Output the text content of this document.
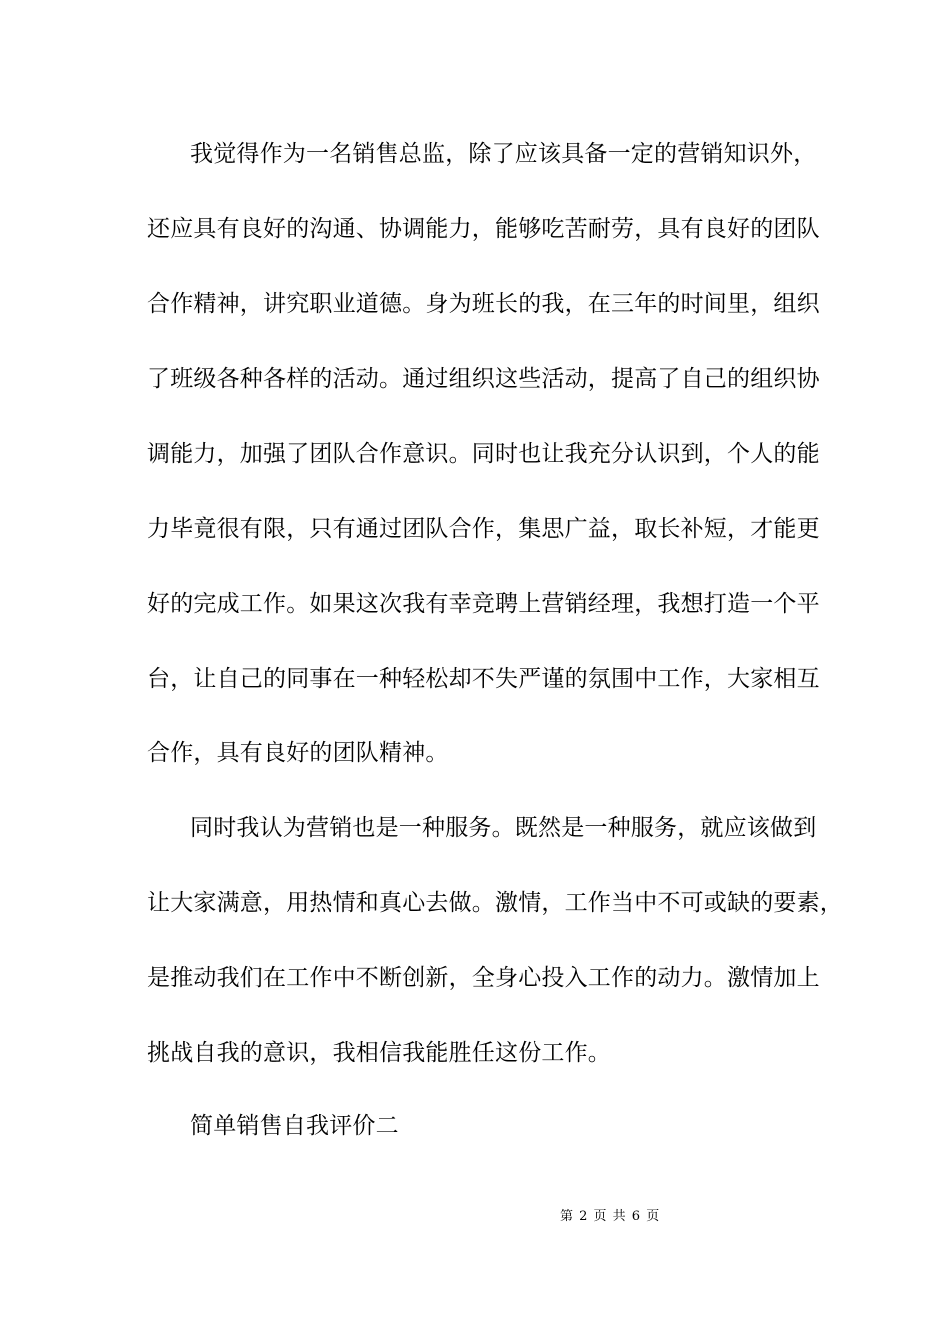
我觉得作为一名销售总监，除了应该具备一定的营销知识外，
还应具有良好的沟通、协调能力，能够吃苦耐劳，具有良好的团队
合作精神，讲究职业道德。身为班长的我，在三年的时间里，组织
了班级各种各样的活动。通过组织这些活动，提高了自己的组织协
调能力，加强了团队合作意识。同时也让我充分认识到，个人的能
力毕竟很有限，只有通过团队合作，集思广益，取长补短，才能更
好的完成工作。如果这次我有幸竞聘上营销经理，我想打造一个平
台，让自己的同事在一种轻松却不失严谨的氛围中工作，大家相互
合作，具有良好的团队精神。
同时我认为营销也是一种服务。既然是一种服务，就应该做到
让大家满意，用热情和真心去做。激情，工作当中不可或缺的要素，
是推动我们在工作中不断创新，全身心投入工作的动力。激情加上
挑战自我的意识，我相信我能胜任这份工作。
简单销售自我评价二
第 2 页 共 6 页
